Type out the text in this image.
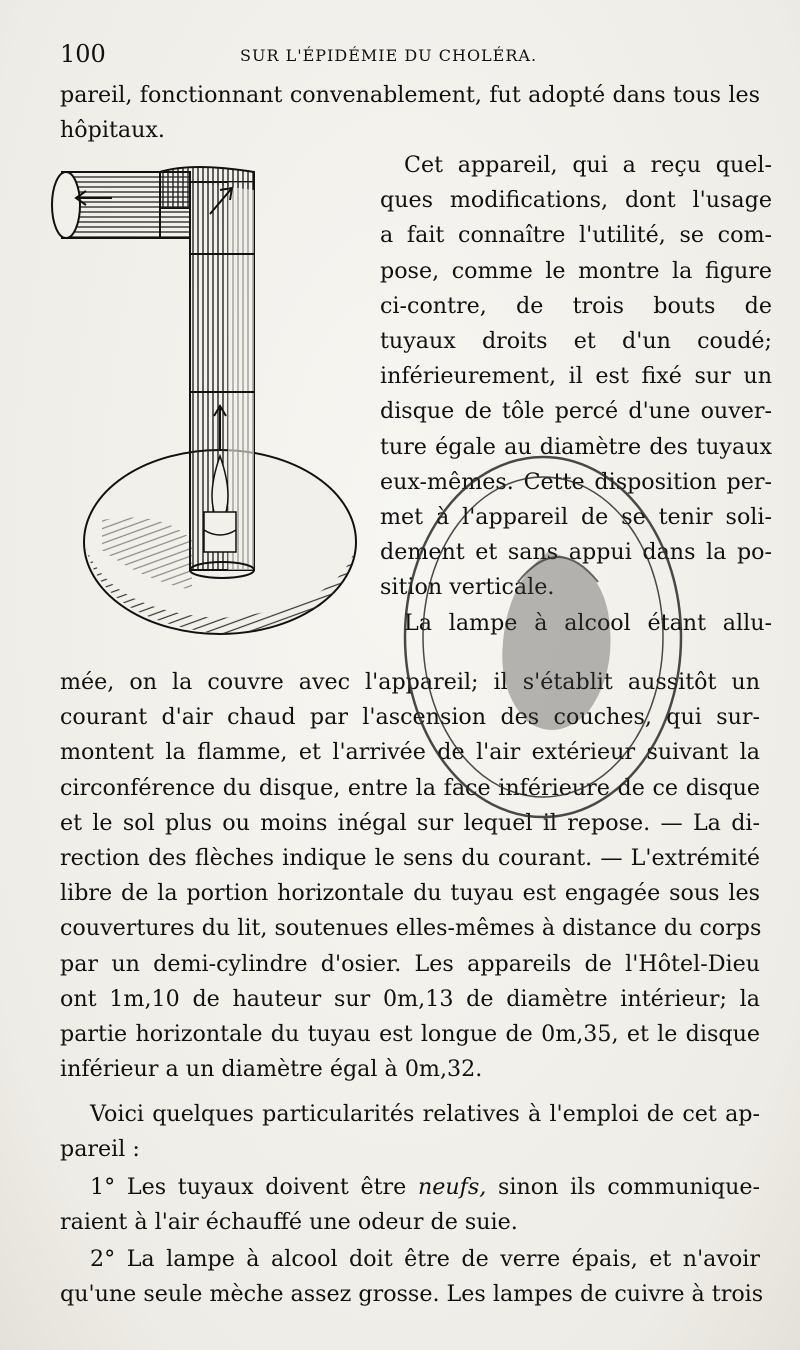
100	SUR L'ÉPIDÉMIE DU CHOLÉRA.
pareil, fonctionnant convenablement, fut adopté dans tous les
hôpitaux.
Cet appareil, qui a reçu quel-
ques modifications, dont l'usage
a fait connaître l'utilité, se com-
pose, comme le montre la figure
ci-contre, de trois bouts de
tuyaux droits et d'un coudé;
inférieurement, il est fixé sur un
disque de tôle percé d'une ouver-
ture égale au diamètre des tuyaux
eux-mêmes. Cette disposition per-
met à l'appareil de se tenir soli-
dement et sans appui dans la po-
sition verticale.
La lampe à alcool étant allu-
mée, on la couvre avec l'appareil; il s'établit aussitôt un
courant d'air chaud par l'ascension des couches, qui sur-
montent la flamme, et l'arrivée de l'air extérieur suivant la
circonférence du disque, entre la face inférieure de ce disque
et le sol plus ou moins inégal sur lequel il repose. — La di-
rection des flèches indique le sens du courant. — L'extrémité
libre de la portion horizontale du tuyau est engagée sous les
couvertures du lit, soutenues elles-mêmes à distance du corps
par un demi-cylindre d'osier. Les appareils de l'Hôtel-Dieu
ont 1m,10 de hauteur sur 0m,13 de diamètre intérieur; la
partie horizontale du tuyau est longue de 0m,35, et le disque
inférieur a un diamètre égal à 0m,32.
Voici quelques particularités relatives à l'emploi de cet ap-
pareil :
1° Les tuyaux doivent être neufs, sinon ils communique-
raient à l'air échauffé une odeur de suie.
2° La lampe à alcool doit être de verre épais, et n'avoir
qu'une seule mèche assez grosse. Les lampes de cuivre à trois
